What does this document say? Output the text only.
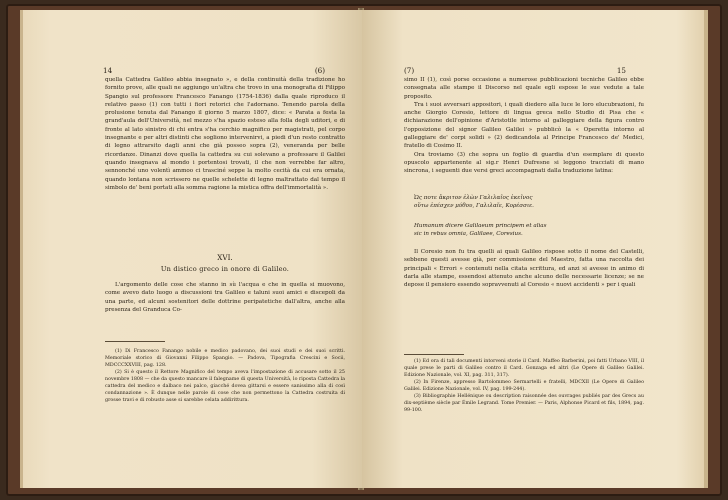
14	(6)

quella Cattedra Galileo abbia insegnato », e della continuità della tradizione ho fornito prove, alle quali ne aggiungo un'altra che trovo in una monografia di Filippo Spangio sul professore Francesco Fanango (1754-1836) dalla quale riproduco il relativo passo (1) con tutti i fiori retorici che l'adornano. Tenendo parola della prolusione tenuta dal Fanango il giorno 5 marzo 1807, dice: « Parata a festa la grand'aula dell'Università, nel mezzo s'ha spazio esteso alla folla degli uditori, e di fronte al lato sinistro di chi entra s'ha cerchio magnifico per magistrati, pel corpo insegnante e per altri distinti che sogliono intervenirvi, a piedi d'un resto contratto di legno attrarsito dagli anni che già posseo sopra (2), veneranda per belle ricordanze. Dinanzi dove quella la cattedra su cui solevano a professare il Galilei quando insegnava al mondo i portentosi trovati, il che non verrebbe far altro, sennonché uno volentì ammoo ci trasciné seppe la molto cecità da cui era ornata, quando lontana non scrissero ne quelle schelette di legno maltrattato dal tempo il simbolo de' beni portati alla somma ragione la mistica offra dell'immortalità ».

XVI.
Un distico greco in onore di Galileo.

L'argomento delle cose che stanno in sù l'acqua e che in quella si muovono, come avevo dato luogo a discussioni tra Galileo e taluni suoi amici e discepoli da una parte, ed alcuni sostenitori delle dottrine peripatetiche dall'altra, anche alla presenza del Granduca Co-

(1) Di Francesco Fanango nobile e medico padovano, dei suoi studi e dei suoi scritti. Memoriale storico di Giovanni Filippo Spangio. — Padova, Tipografia Crescini e Socii, MDCCCXXVIII, pag. 128.

(2) Si è questo il Rettore Magnifico del tempo aveva l'impostazione di accusare sotto il 25 novembre 1808 — che da questo mancare il falegname di questa Università, lo riposta Cattedra la cattedra del medico e dalbaco nei palco, giacché dovea gittarsi e essere sanissimo alla di così condannazione ». È dunque nelle parole di cose che non permettono la Cattedra costruita di grosse travi e di robusto asse si sarebbe celata addirittura.

(7)	15

simo II (1), così porse occasione a numerose pubblicazioni tecniche Galileo ebbe consegnata alle stampe il Discorso nel quale egli espose le sue vedute a tale proposito.

Tra i suoi avversari appositori, i quali diedero alla luce le loro elucubrazioni, fu anche Giorgio Coresio, lettore di lingua greca nello Studio di Pisa che « dichiarazione dell'opinione d'Aristotile intorno al galleggiare della figura contro l'opposizione del signor Galileo Galilei » pubblicò la « Operetta intorno al galleggiare de' corpi solidi » (2) dedicandola al Principe Francesco de' Medici, fratello di Cosimo II.

Ora troviamo (3) che sopra un foglio di guardia d'un esemplare di questo opuscolo appartenente al sig.r Henri Dufresne si leggono tracciati di mano sincrona, i seguenti due versi greci accompagnati dalla traduzione latina:

Ὡς ποτε ἄκριτον ἐλὼν Γαλιλαῖος ἐκεῖνος

οὕτω ἐπέσχεν μύθου, Γαλιλαῖε, Κορέσσιε.

Humanum dicere Galilaeum principem et alias

sic in rebus omnia, Galilaee, Coresius.

Il Coresio non fu tra quelli ai quali Galileo rispose sotto il nome del Castelli, sebbene questi avesse già, per commissione del Maestro, fatta una raccolta dei principali « Errori » contenuti nella citata scrittura, ed anzi si avesse in animo di darla alle stampe, essendosi attenuto anche alcuno delle necessarie licenze; se ne depose il pensiero essendo sopravvenuti al Coresio « nuovi accidenti » per i quali

(1) Ed ora di tali documenti intorveni storie il Card. Maffeo Barberini, poi fatti Urbano VIII, il quale prese le parti di Galileo contro il Card. Gonzaga ed altri (Le Opere di Galileo Galilei. Edizione Nazionale, vol. XI, pag. 311, 317).

(2) In Firenze, appresso Bartolommeo Sermartelli e fratelli, MDCXII (Le Opere di Galileo Galilei. Edizione Nazionale, vol. IV, pag. 199-244).

(3) Bibliographie Hellénique ou description raisonnée des ouvrages publiés par des Grecs au dix-septième siècle par Émile Legrand. Tome Premier. — Paris, Alphonse Picard et fils, 1894, pag. 99-100.
